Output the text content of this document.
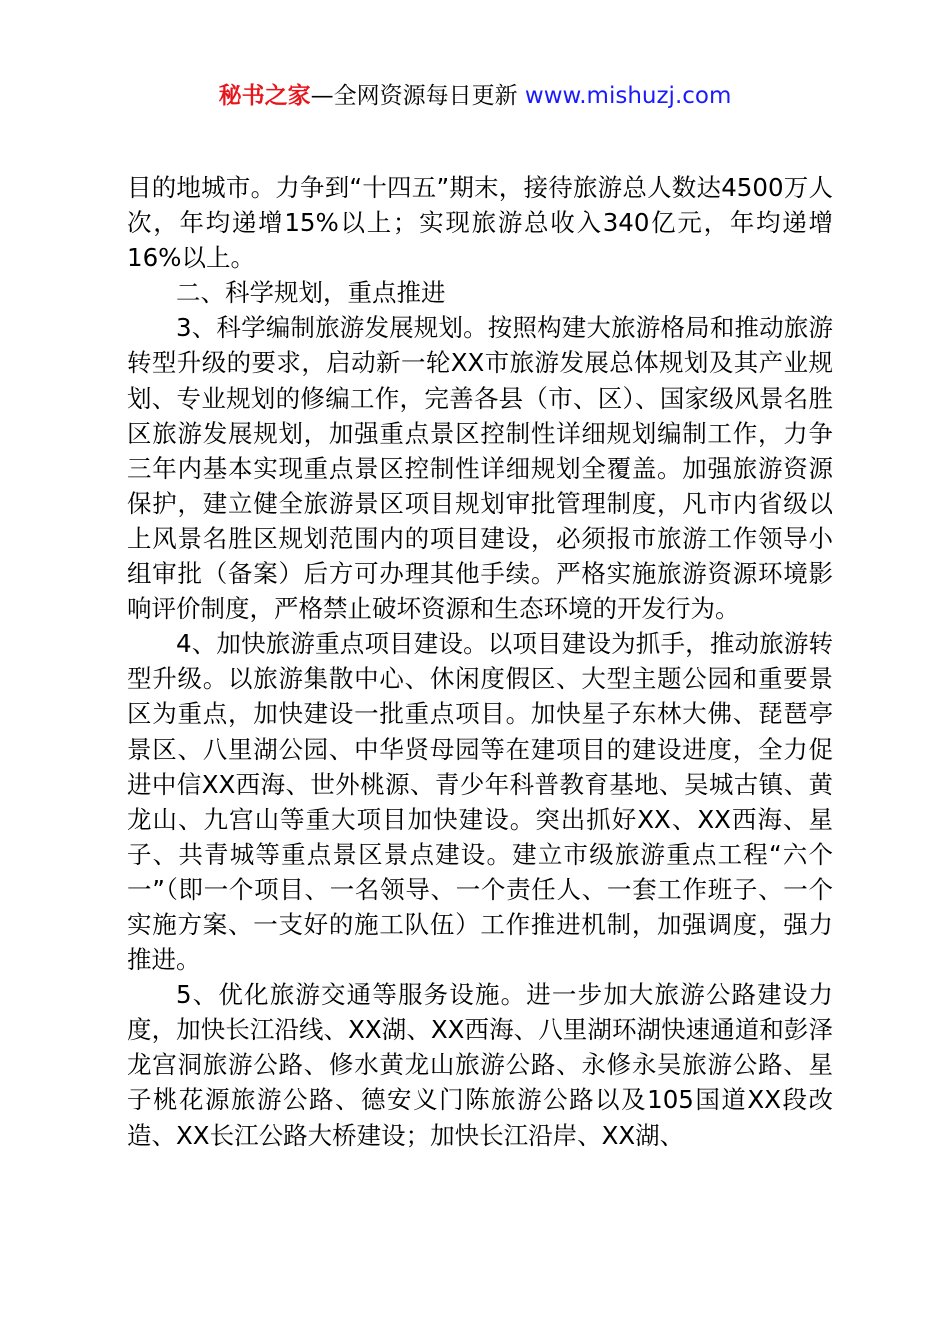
秘书之家—全网资源每日更新 www.mishuzj.com

目的地城市。力争到“十四五”期末，接待旅游总人数达4500万人次，年均递增15%以上；实现旅游总收入340亿元，年均递增16%以上。

二、科学规划，重点推进

3、科学编制旅游发展规划。按照构建大旅游格局和推动旅游转型升级的要求，启动新一轮XX市旅游发展总体规划及其产业规划、专业规划的修编工作，完善各县（市、区）、国家级风景名胜区旅游发展规划，加强重点景区控制性详细规划编制工作，力争三年内基本实现重点景区控制性详细规划全覆盖。加强旅游资源保护，建立健全旅游景区项目规划审批管理制度，凡市内省级以上风景名胜区规划范围内的项目建设，必须报市旅游工作领导小组审批（备案）后方可办理其他手续。严格实施旅游资源环境影响评价制度，严格禁止破坏资源和生态环境的开发行为。

4、加快旅游重点项目建设。以项目建设为抓手，推动旅游转型升级。以旅游集散中心、休闲度假区、大型主题公园和重要景区为重点，加快建设一批重点项目。加快星子东林大佛、琵琶亭景区、八里湖公园、中华贤母园等在建项目的建设进度，全力促进中信XX西海、世外桃源、青少年科普教育基地、吴城古镇、黄龙山、九宫山等重大项目加快建设。突出抓好XX、XX西海、星子、共青城等重点景区景点建设。建立市级旅游重点工程“六个一”（即一个项目、一名领导、一个责任人、一套工作班子、一个实施方案、一支好的施工队伍）工作推进机制，加强调度，强力推进。

5、优化旅游交通等服务设施。进一步加大旅游公路建设力度，加快长江沿线、XX湖、XX西海、八里湖环湖快速通道和彭泽龙宫洞旅游公路、修水黄龙山旅游公路、永修永吴旅游公路、星子桃花源旅游公路、德安义门陈旅游公路以及105国道XX段改造、XX长江公路大桥建设；加快长江沿岸、XX湖、
